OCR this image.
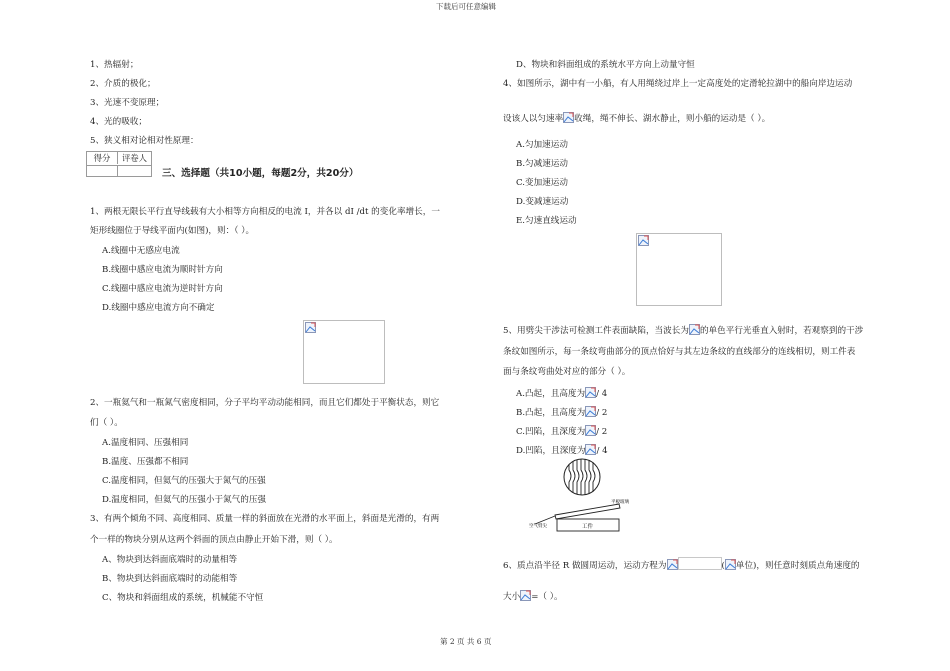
下载后可任意编辑
第 2 页 共 6 页
1、热辐射；
2、介质的极化；
3、光速不变原理；
4、光的吸收；
5、狭义相对论相对性原理：
得分	评卷人
三、选择题（共10小题，每题2分，共20分）
1、两根无限长平行直导线载有大小相等方向相反的电流 I，并各以 dI /dt 的变化率增长，一
矩形线圈位于导线平面内(如图)，则：（ ）。
A.线圈中无感应电流
B.线圈中感应电流为顺时针方向
C.线圈中感应电流为逆时针方向
D.线圈中感应电流方向不确定
2、一瓶氦气和一瓶氮气密度相同，分子平均平动动能相同，而且它们都处于平衡状态，则它
们（ ）。
A.温度相同、压强相同
B.温度、压强都不相同
C.温度相同，但氦气的压强大于氮气的压强
D.温度相同，但氦气的压强小于氮气的压强
3、有两个倾角不同、高度相同、质量一样的斜面放在光滑的水平面上，斜面是光滑的，有两
个一样的物块分别从这两个斜面的顶点由静止开始下滑，则（ ）。
A、物块到达斜面底端时的动量相等
B、物块到达斜面底端时的动能相等
C、物块和斜面组成的系统，机械能不守恒
D、物块和斜面组成的系统水平方向上动量守恒
4、如图所示，湖中有一小船，有人用绳绕过岸上一定高度处的定滑轮拉湖中的船向岸边运动
设该人以匀速率 收绳，绳不伸长、湖水静止，则小船的运动是（ ）。
A.匀加速运动
B.匀减速运动
C.变加速运动
D.变减速运动
E.匀速直线运动
5、用劈尖干涉法可检测工件表面缺陷，当波长为 的单色平行光垂直入射时，若观察到的干涉
条纹如图所示，每一条纹弯曲部分的顶点恰好与其左边条纹的直线部分的连线相切，则工件表
面与条纹弯曲处对应的部分（ ）。
A.凸起，且高度为 / 4
B.凸起，且高度为 / 2
C.凹陷，且深度为 / 2
D.凹陷，且深度为 / 4
平板玻璃
工件
空气劈尖
6、质点沿半径 R 做圆周运动，运动方程为	( 单位)，则任意时刻质点角速度的
大小 =（ ）。
